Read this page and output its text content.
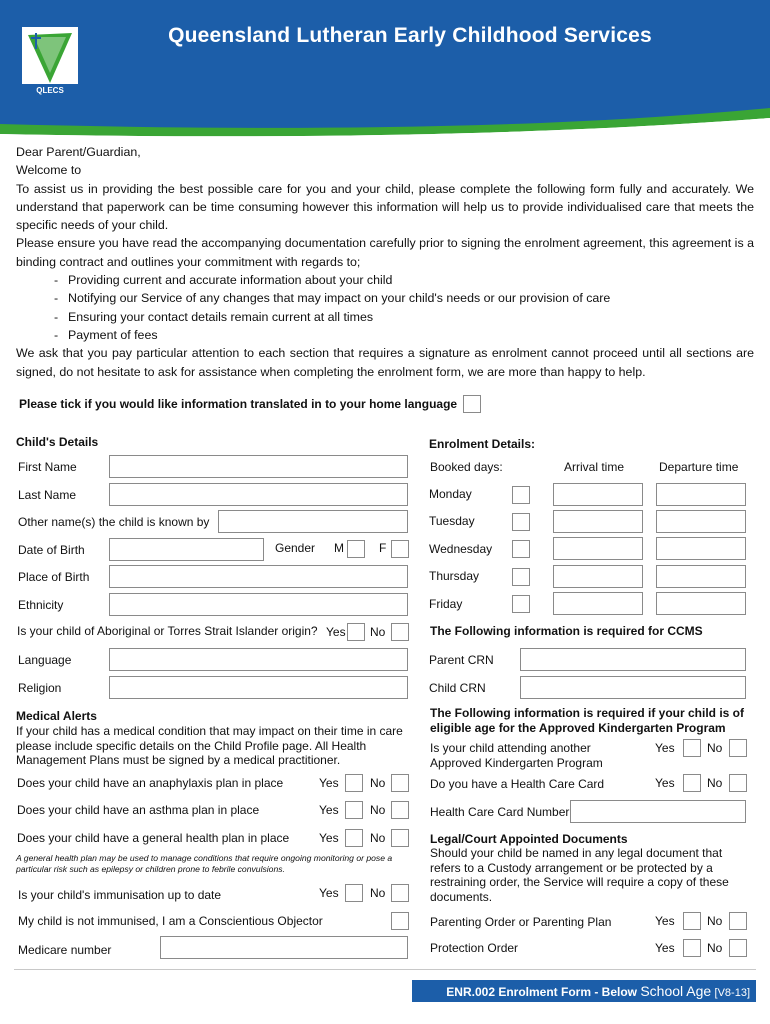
QLECS
Queensland Lutheran Early Childhood Services

Dear Parent/Guardian,

Welcome to

To assist us in providing the best possible care for you and your child, please complete the following form fully and accurately. We understand that paperwork can be time consuming however this information will help us to provide individualised care that meets the specific needs of your child.

Please ensure you have read the accompanying documentation carefully prior to signing the enrolment agreement, this agreement is a binding contract and outlines your commitment with regards to;

- Providing current and accurate information about your child
- Notifying our Service of any changes that may impact on your child's needs or our provision of care
- Ensuring your contact details remain current at all times
- Payment of fees

We ask that you pay particular attention to each section that requires a signature as enrolment cannot proceed until all sections are signed, do not hesitate to ask for assistance when completing the enrolment form, we are more than happy to help.

Please tick if you would like information translated in to your home language
Child's Details
First Name
Last Name
Other name(s) the child is known by
Date of Birth	Gender M	F
Place of Birth
Ethnicity
Is your child of Aboriginal or Torres Strait Islander origin? Yes No
Language
Religion
Medical Alerts
If your child has a medical condition that may impact on their time in care please include specific details on the Child Profile page. All Health Management Plans must be signed by a medical practitioner.
Does your child have an anaphylaxis plan in place	Yes	No
Does your child have an asthma plan in place	Yes	No
Does your child have a general health plan in place Yes	No
A general health plan may be used to manage conditions that require ongoing monitoring or pose a particular risk such as epilepsy or children prone to febrile convulsions.
Is your child's immunisation up to date	Yes	No
My child is not immunised, I am a Conscientious Objector
Medicare number
Enrolment Details:
Booked days:	Arrival time	Departure time
Monday
Tuesday
Wednesday
Thursday
Friday
The Following information is required for CCMS
Parent CRN
Child CRN
The Following information is required if your child is of eligible age for the Approved Kindergarten Program
Is your child attending another Approved Kindergarten Program
Yes	No
Do you have a Health Care Card	Yes	No
Health Care Card Number
Legal/Court Appointed Documents
Should your child be named in any legal document that refers to a Custody arrangement or be protected by a restraining order, the Service will require a copy of these documents.
Parenting Order or Parenting Plan	Yes	No
Protection Order	Yes	No
ENR.002 Enrolment Form - Below School Age [V8-13]
